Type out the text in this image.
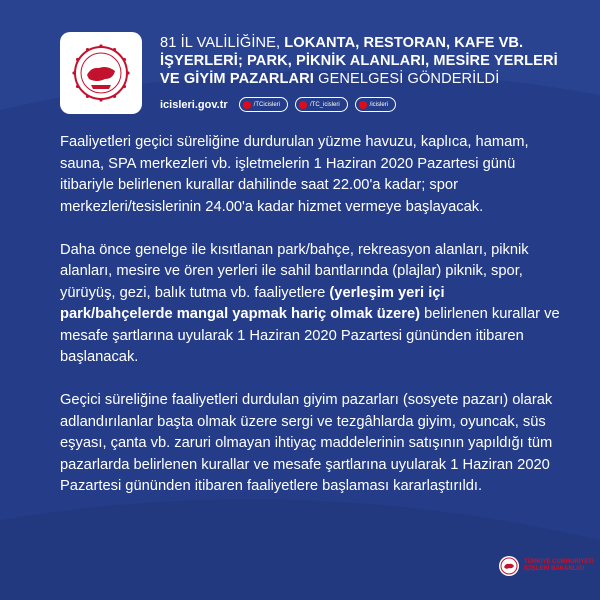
81 İL VALİLİĞİNE, LOKANTA, RESTORAN, KAFE VB. İŞYERLERİ; PARK, PİKNİK ALANLARI, MESİRE YERLERİ VE GİYİM PAZARLARI GENELGESİ GÖNDERİLDİ

icisleri.gov.tr	/TCicisleri	/TC_icisleri	/icisleri

Faaliyetleri geçici süreliğine durdurulan yüzme havuzu, kaplıca, hamam, sauna, SPA merkezleri vb. işletmelerin 1 Haziran 2020 Pazartesi günü itibariyle belirlenen kurallar dahilinde saat 22.00'a kadar; spor merkezleri/tesislerinin 24.00'a kadar hizmet vermeye başlayacak.

Daha önce genelge ile kısıtlanan park/bahçe, rekreasyon alanları, piknik alanları, mesire ve ören yerleri ile sahil bantlarında (plajlar) piknik, spor, yürüyüş, gezi, balık tutma vb. faaliyetlere (yerleşim yeri içi park/bahçelerde mangal yapmak hariç olmak üzere) belirlenen kurallar ve mesafe şartlarına uyularak 1 Haziran 2020 Pazartesi gününden itibaren başlanacak.

Geçici süreliğine faaliyetleri durdulan giyim pazarları (sosyete pazarı) olarak adlandırılanlar başta olmak üzere sergi ve tezgâhlarda giyim, oyuncak, süs eşyası, çanta vb. zaruri olmayan ihtiyaç maddelerinin satışının yapıldığı tüm pazarlarda belirlenen kurallar ve mesafe şartlarına uyularak 1 Haziran 2020 Pazartesi gününden itibaren faaliyetlere başlaması kararlaştırıldı.

TÜRKİYE CUMHURİYETİ
İÇİŞLERİ BAKANLIĞI
